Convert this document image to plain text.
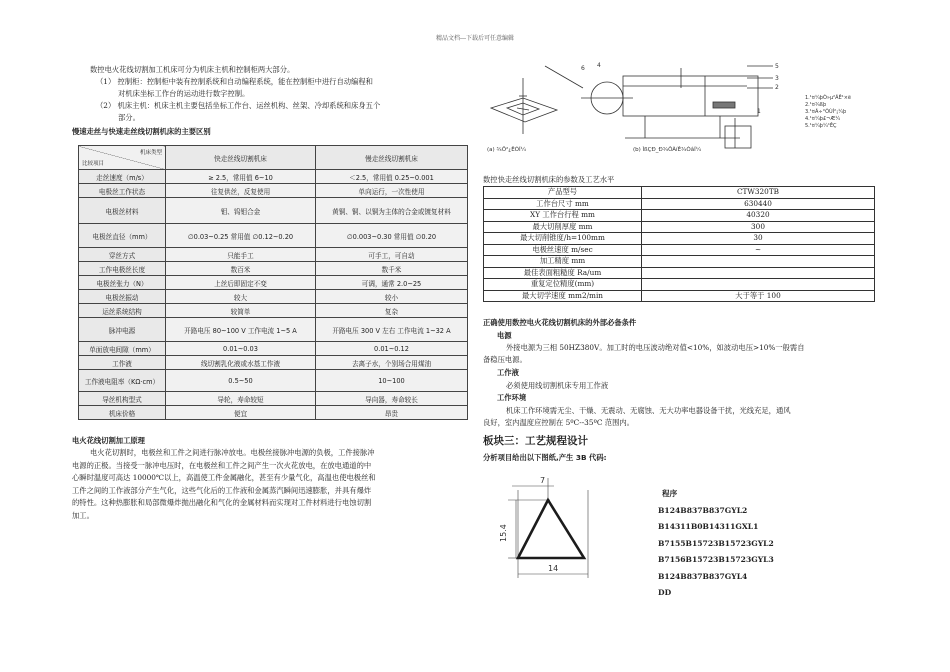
精品文档---下载后可任意编辑
数控电火花线切割加工机床可分为机床主机和控制柜两大部分。
（1） 控制柜：控制柜中装有控制系统和自动编程系统，能在控制柜中进行自动编程和
对机床坐标工作台的运动进行数字控制。
（2） 机床主机：机床主机主要包括坐标工作台、运丝机构、丝架、冷却系统和床身五个
部分。
慢速走丝与快速走丝线切割机床的主要区别
机床类型
比较项目	快走丝线切割机床	慢走丝线切割机床
走丝速度（m/s）	≥ 2.5，常用值 6~10	＜2.5，常用值 0.25~0.001
电极丝工作状态	往复供丝，反复使用	单向运行，一次性使用
电极丝材料	钼、钨钼合金	黄铜、铜、以铜为主体的合金或镀复材料
电极丝直径（mm）	∅0.03~0.25 常用值 ∅0.12~0.20	∅0.003~0.30 常用值 ∅0.20
穿丝方式	只能手工	可手工，可自动
工作电极丝长度	数百米	数千米
电极丝张力（N）	上丝后即固定不变	可调，通常 2.0~25
电极丝振动	较大	较小
运丝系统结构	较简单	复杂
脉冲电源	开路电压 80~100 V 工作电流 1~5 A	开路电压 300 V 左右 工作电流 1~32 A
单面放电间隙（mm）	0.01~0.03	0.01~0.12
工作液	线切割乳化液或水基工作液	去离子水，个别场合用煤油
工作液电阻率（KΩ·cm）	0.5~50	10~100
导丝机构型式	导轮，寿命较短	导向器，寿命较长
机床价格	便宜	昂贵
电火花线切割加工原理
电火花切割时，电极丝和工件之间进行脉冲放电。电极丝接脉冲电源的负极，工件接脉冲
电源的正极。当接受一脉冲电压时，在电极丝和工件之间产生一次火花放电，在放电通道的中
心瞬时温度可高达 10000℃以上，高温使工件金属融化，甚至有少量气化，高温也使电极丝和
工件之间的工作液部分产生气化，这些气化后的工作液和金属蒸汽瞬间迅速膨胀，并具有爆炸
的特性。这种热膨胀和局部微爆炸抛出融化和气化的金属材料而实现对工件材料进行电蚀切割
加工。
6 4	5
3
2
1
(a) ¾Ö²¿ÊÓÍ¼	(b) ÌßÇÐ_Ð¾ÔÀíÊ¾ÒâÍ¼
1.¹¤¼þÒ»µ²ÃÊ¹×ë
2.¹¤¾ßþ
3.¹¤Ã÷°ÕÙÍ²¡¼þ
4.¹¤¼þ£¬Æ¼
5.¹¤¼þ¼¹ÊÇ
数控快走丝线切割机床的参数及工艺水平
产品型号	CTW320TB
工作台尺寸 mm	630440
XY 工作台行程 mm	40320
最大切削厚度 mm	300
最大切削锥度/h=100mm	30
电极丝速度 m/sec	~
加工精度 mm	
最佳表面粗糙度 Ra/um	
重复定位精度(mm)	
最大切学速度 mm2/min	大于等于 100
正确使用数控电火花线切割机床的外部必备条件
电源
外接电源为三相 50HZ380V。加工时的电压波动绝对值<10%，如波动电压>10%一般需自
备稳压电源。
工作液
必须使用线切割机床专用工作液
工作环境
机床工作环境需无尘、干燥、无震动、无腐蚀、无大功率电器设备干扰，光线充足，通风
良好，室内温度应控制在 5ºC--35ºC 范围内。
板块三：工艺规程设计
分析项目给出以下图纸,产生 3B 代码:
7
15.4
14
程序
B124B837B837GYL2
B14311B0B14311GXL1
B7155B15723B15723GYL2
B7156B15723B15723GYL3
B124B837B837GYL4
DD
